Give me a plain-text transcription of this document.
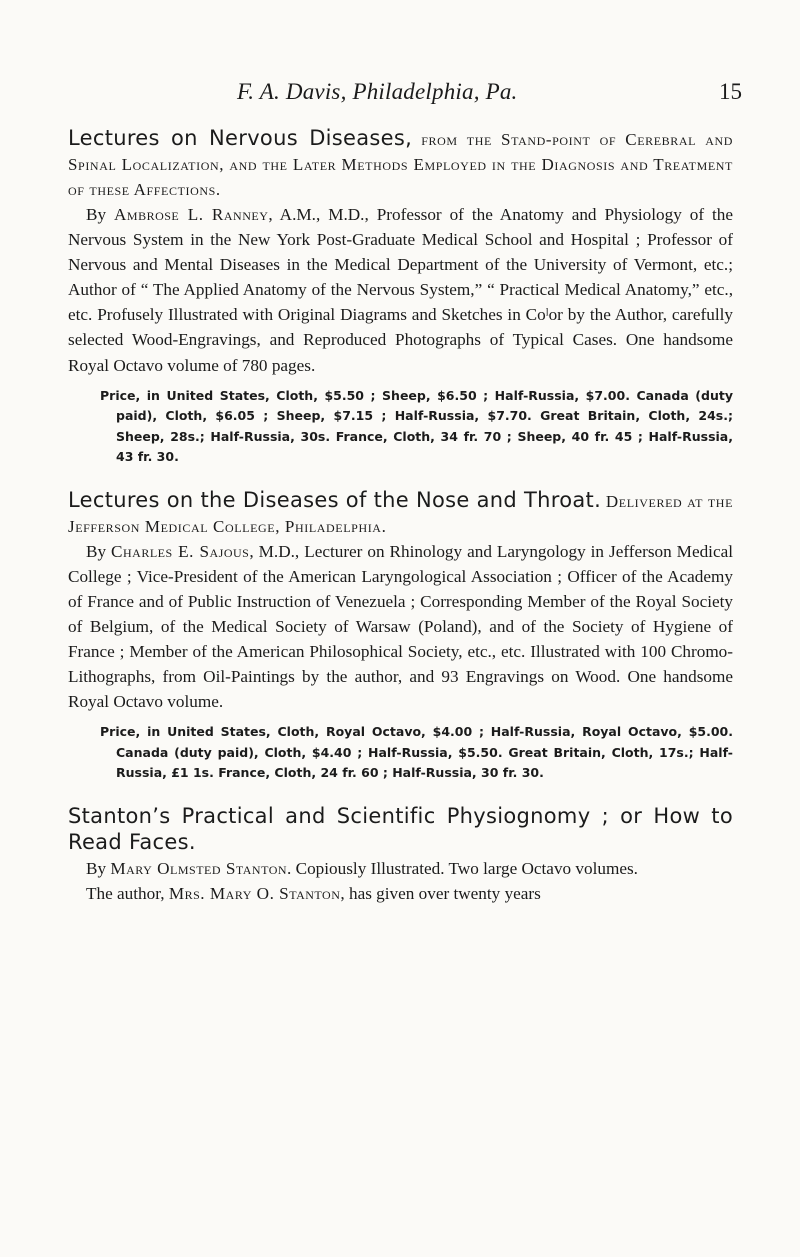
F. A. Davis, Philadelphia, Pa.	15

Lectures on Nervous Diseases, from the Stand-point of Cerebral and Spinal Localization, and the Later Methods Employed in the Diagnosis and Treatment of these Affections.

By Ambrose L. Ranney, A.M., M.D., Professor of the Anatomy and Physiology of the Nervous System in the New York Post-Graduate Medical School and Hospital ; Professor of Nervous and Mental Diseases in the Medical Department of the University of Vermont, etc.; Author of “ The Applied Anatomy of the Nervous System,” “ Practical Medical Anatomy,” etc., etc. Profusely Illustrated with Original Diagrams and Sketches in Coˡor by the Author, carefully selected Wood-Engravings, and Reproduced Photographs of Typical Cases. One handsome Royal Octavo volume of 780 pages.

Price, in United States, Cloth, $5.50 ; Sheep, $6.50 ; Half-Russia, $7.00. Canada (duty paid), Cloth, $6.05 ; Sheep, $7.15 ; Half-Russia, $7.70. Great Britain, Cloth, 24s.; Sheep, 28s.; Half-Russia, 30s. France, Cloth, 34 fr. 70 ; Sheep, 40 fr. 45 ; Half-Russia, 43 fr. 30.

Lectures on the Diseases of the Nose and Throat. Delivered at the Jefferson Medical College, Philadelphia.

By Charles E. Sajous, M.D., Lecturer on Rhinology and Laryngology in Jefferson Medical College ; Vice-President of the American Laryngological Association ; Officer of the Academy of France and of Public Instruction of Venezuela ; Corresponding Member of the Royal Society of Belgium, of the Medical Society of Warsaw (Poland), and of the Society of Hygiene of France ; Member of the American Philosophical Society, etc., etc. Illustrated with 100 Chromo-Lithographs, from Oil-Paintings by the author, and 93 Engravings on Wood. One handsome Royal Octavo volume.

Price, in United States, Cloth, Royal Octavo, $4.00 ; Half-Russia, Royal Octavo, $5.00. Canada (duty paid), Cloth, $4.40 ; Half-Russia, $5.50. Great Britain, Cloth, 17s.; Half-Russia, £1 1s. France, Cloth, 24 fr. 60 ; Half-Russia, 30 fr. 30.

Stanton’s Practical and Scientific Physiognomy ; or How to Read Faces.

By Mary Olmsted Stanton. Copiously Illustrated. Two large Octavo volumes.

The author, Mrs. Mary O. Stanton, has given over twenty years
